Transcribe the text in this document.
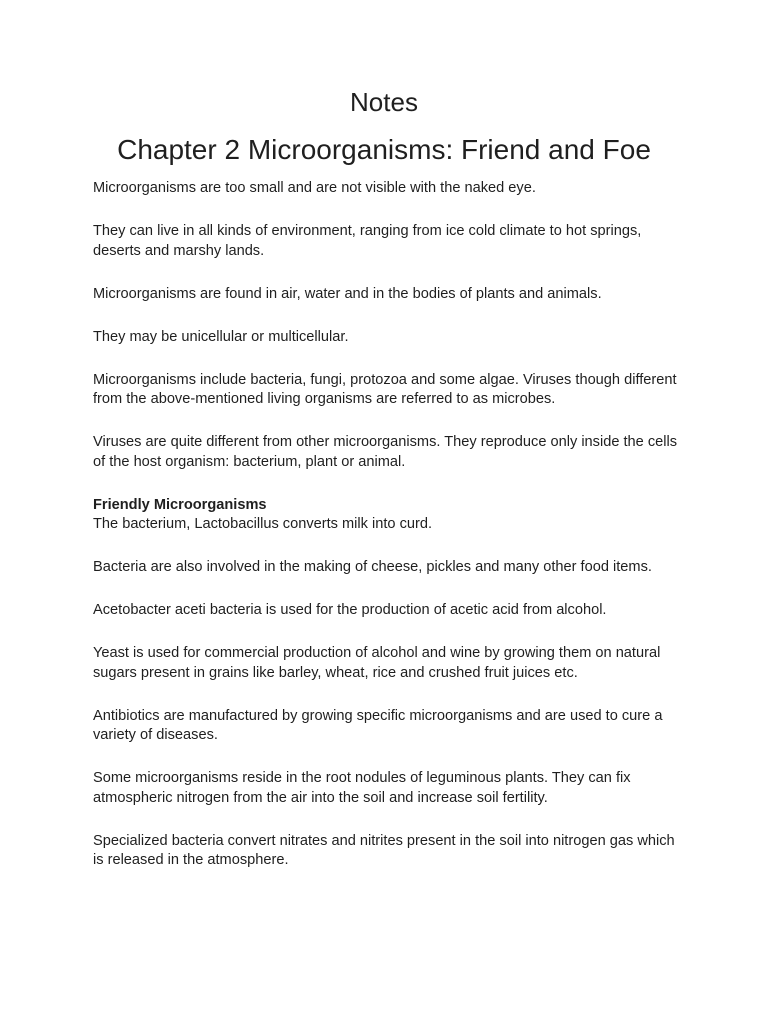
Notes
Chapter 2 Microorganisms: Friend and Foe

Microorganisms are too small and are not visible with the naked eye.

They can live in all kinds of environment, ranging from ice cold climate to hot springs, deserts and marshy lands.

Microorganisms are found in air, water and in the bodies of plants and animals.

They may be unicellular or multicellular.

Microorganisms include bacteria, fungi, protozoa and some algae. Viruses though different from the above-mentioned living organisms are referred to as microbes.

Viruses are quite different from other microorganisms. They reproduce only inside the cells of the host organism: bacterium, plant or animal.

Friendly Microorganisms
The bacterium, Lactobacillus converts milk into curd.

Bacteria are also involved in the making of cheese, pickles and many other food items.

Acetobacter aceti bacteria is used for the production of acetic acid from alcohol.

Yeast is used for commercial production of alcohol and wine by growing them on natural sugars present in grains like barley, wheat, rice and crushed fruit juices etc.

Antibiotics are manufactured by growing specific microorganisms and are used to cure a variety of diseases.

Some microorganisms reside in the root nodules of leguminous plants. They can fix atmospheric nitrogen from the air into the soil and increase soil fertility.

Specialized bacteria convert nitrates and nitrites present in the soil into nitrogen gas which is released in the atmosphere.
